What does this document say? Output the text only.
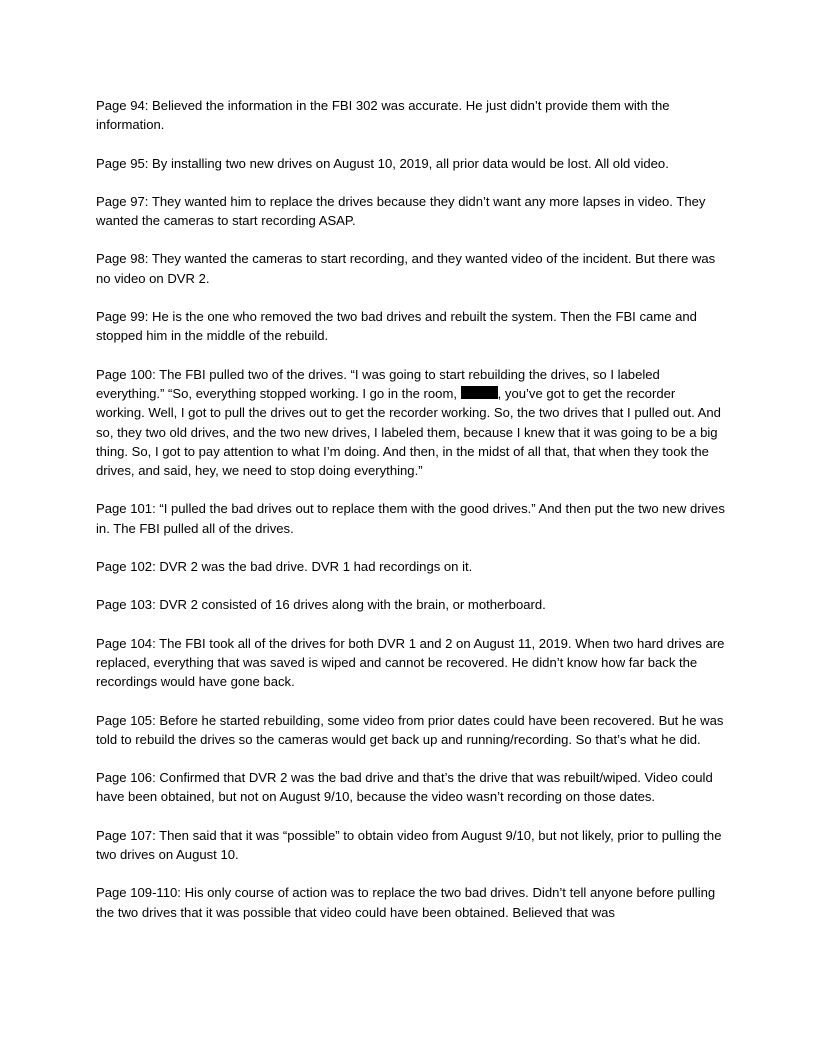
Page 94: Believed the information in the FBI 302 was accurate. He just didn’t provide them with the information.

Page 95: By installing two new drives on August 10, 2019, all prior data would be lost. All old video.

Page 97: They wanted him to replace the drives because they didn’t want any more lapses in video. They wanted the cameras to start recording ASAP.

Page 98: They wanted the cameras to start recording, and they wanted video of the incident. But there was no video on DVR 2.

Page 99: He is the one who removed the two bad drives and rebuilt the system. Then the FBI came and stopped him in the middle of the rebuild.

Page 100: The FBI pulled two of the drives. “I was going to start rebuilding the drives, so I labeled everything.” “So, everything stopped working. I go in the room,	, you’ve got to get the recorder working. Well, I got to pull the drives out to get the recorder working. So, the two drives that I pulled out. And so, they two old drives, and the two new drives, I labeled them, because I knew that it was going to be a big thing. So, I got to pay attention to what I’m doing. And then, in the midst of all that, that when they took the drives, and said, hey, we need to stop doing everything.”

Page 101: “I pulled the bad drives out to replace them with the good drives.” And then put the two new drives in. The FBI pulled all of the drives.

Page 102: DVR 2 was the bad drive. DVR 1 had recordings on it.

Page 103: DVR 2 consisted of 16 drives along with the brain, or motherboard.

Page 104: The FBI took all of the drives for both DVR 1 and 2 on August 11, 2019. When two hard drives are replaced, everything that was saved is wiped and cannot be recovered. He didn’t know how far back the recordings would have gone back.

Page 105: Before he started rebuilding, some video from prior dates could have been recovered. But he was told to rebuild the drives so the cameras would get back up and running/recording. So that’s what he did.

Page 106: Confirmed that DVR 2 was the bad drive and that’s the drive that was rebuilt/wiped. Video could have been obtained, but not on August 9/10, because the video wasn’t recording on those dates.

Page 107: Then said that it was “possible” to obtain video from August 9/10, but not likely, prior to pulling the two drives on August 10.

Page 109-110: His only course of action was to replace the two bad drives. Didn’t tell anyone before pulling the two drives that it was possible that video could have been obtained. Believed that was
